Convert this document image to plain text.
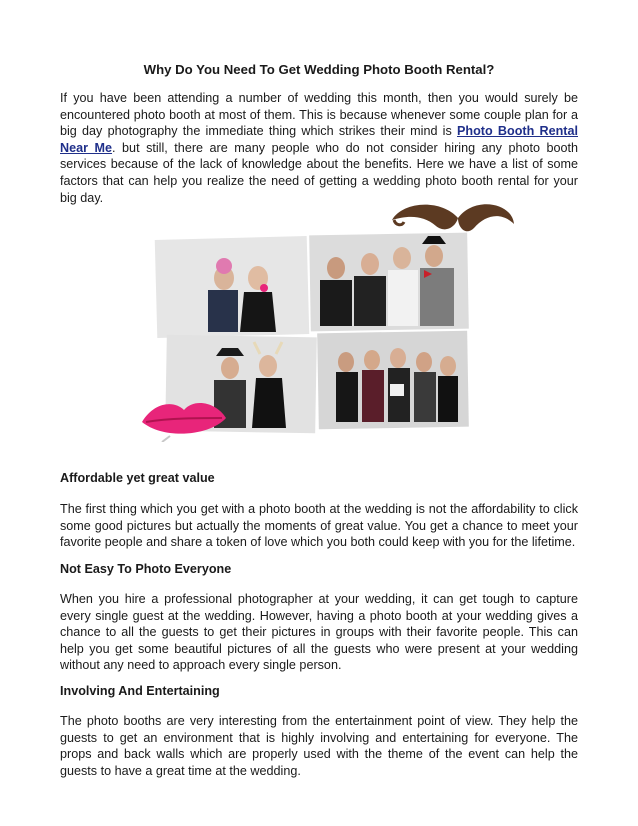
Why Do You Need To Get Wedding Photo Booth Rental?

If you have been attending a number of wedding this month, then you would surely be encountered photo booth at most of them. This is because whenever some couple plan for a big day photography the immediate thing which strikes their mind is Photo Booth Rental Near Me. but still, there are many people who do not consider hiring any photo booth services because of the lack of knowledge about the benefits. Here we have a list of some factors that can help you realize the need of getting a wedding photo booth rental for your big day.

Affordable yet great value

The first thing which you get with a photo booth at the wedding is not the affordability to click some good pictures but actually the moments of great value. You get a chance to meet your favorite people and share a token of love which you both could keep with you for the lifetime.

Not Easy To Photo Everyone

When you hire a professional photographer at your wedding, it can get tough to capture every single guest at the wedding. However, having a photo booth at your wedding gives a chance to all the guests to get their pictures in groups with their favorite people. This can help you get some beautiful pictures of all the guests who were present at your wedding without any need to approach every single person.

Involving And Entertaining

The photo booths are very interesting from the entertainment point of view. They help the guests to get an environment that is highly involving and entertaining for everyone. The props and back walls which are properly used with the theme of the event can help the guests to have a great time at the wedding.
